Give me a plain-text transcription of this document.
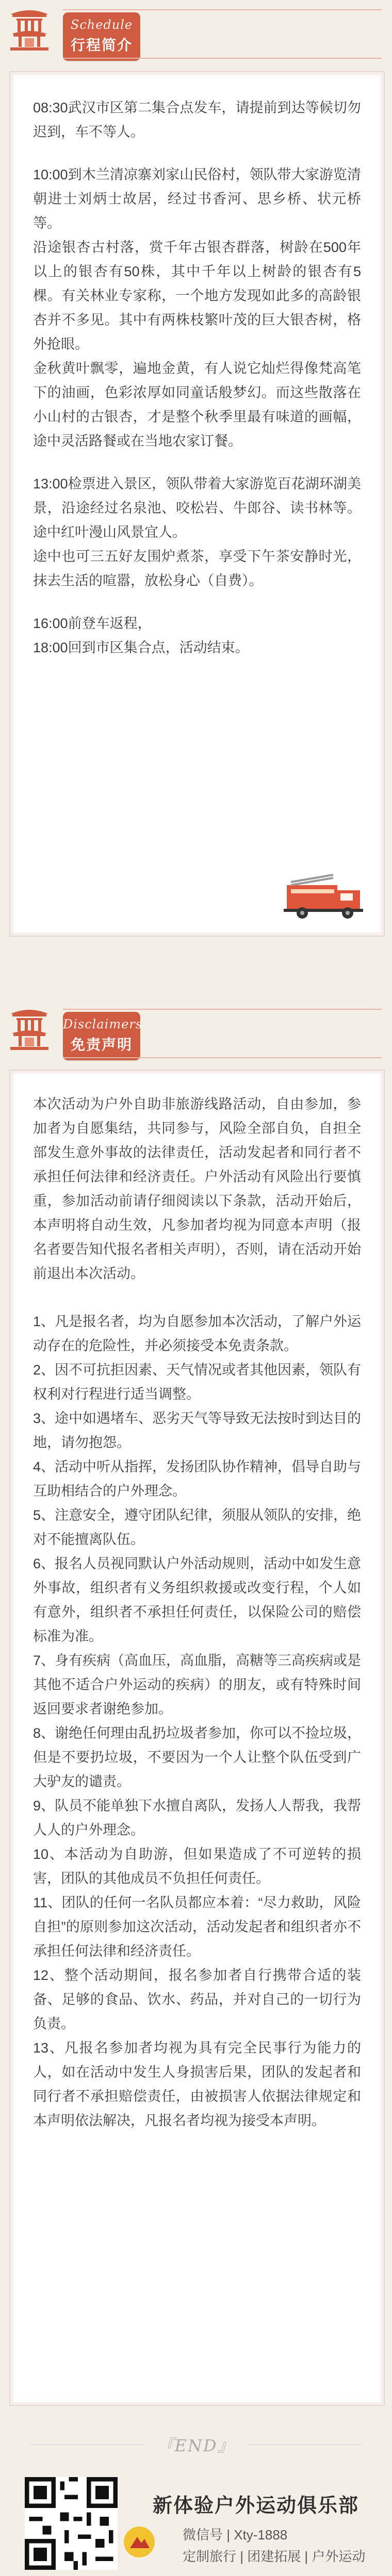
Schedule
行程简介
08:30武汉市区第二集合点发车，请提前到达等候切勿迟到，车不等人。
10:00到木兰清凉寨刘家山民俗村，领队带大家游览清朝进士刘炳士故居，经过书香河、思乡桥、状元桥等。
沿途银杏古村落，赏千年古银杏群落，树龄在500年以上的银杏有50株，其中千年以上树龄的银杏有5棵。有关林业专家称，一个地方发现如此多的高龄银杏并不多见。其中有两株枝繁叶茂的巨大银杏树，格外抢眼。
金秋黄叶飘零，遍地金黄，有人说它灿烂得像梵高笔下的油画，色彩浓厚如同童话般梦幻。而这些散落在小山村的古银杏，才是整个秋季里最有味道的画幅，途中灵活路餐或在当地农家订餐。
13:00检票进入景区，领队带着大家游览百花湖环湖美景，沿途经过名泉池、咬松岩、牛郎谷、读书林等。途中红叶漫山风景宜人。
途中也可三五好友围炉煮茶，享受下午茶安静时光，抹去生活的喧嚣，放松身心（自费）。
16:00前登车返程，
18:00回到市区集合点，活动结束。
Disclaimers
免责声明
本次活动为户外自助非旅游线路活动，自由参加，参加者为自愿集结，共同参与，风险全部自负，自担全部发生意外事故的法律责任，活动发起者和同行者不承担任何法律和经济责任。户外活动有风险出行要慎重，参加活动前请仔细阅读以下条款，活动开始后，本声明将自动生效，凡参加者均视为同意本声明（报名者要告知代报名者相关声明），否则，请在活动开始前退出本次活动。
1、凡是报名者，均为自愿参加本次活动，了解户外运动存在的危险性，并必须接受本免责条款。
2、因不可抗拒因素、天气情况或者其他因素，领队有权利对行程进行适当调整。
3、途中如遇堵车、恶劣天气等导致无法按时到达目的地，请勿抱怨。
4、活动中听从指挥，发扬团队协作精神，倡导自助与互助相结合的户外理念。
5、注意安全，遵守团队纪律，须服从领队的安排，绝对不能擅离队伍。
6、报名人员视同默认户外活动规则，活动中如发生意外事故，组织者有义务组织救援或改变行程，个人如有意外，组织者不承担任何责任，以保险公司的赔偿标准为准。
7、身有疾病（高血压，高血脂，高糖等三高疾病或是其他不适合户外运动的疾病）的朋友，或有特殊时间返回要求者谢绝参加。
8、谢绝任何理由乱扔垃圾者参加，你可以不捡垃圾，但是不要扔垃圾，不要因为一个人让整个队伍受到广大驴友的谴责。
9、队员不能单独下水擅自离队，发扬人人帮我，我帮人人的户外理念。
10、本活动为自助游，但如果造成了不可逆转的损害，团队的其他成员不负担任何责任。
11、团队的任何一名队员都应本着：“尽力救助，风险自担”的原则参加这次活动，活动发起者和组织者亦不承担任何法律和经济责任。
12、整个活动期间，报名参加者自行携带合适的装备、足够的食品、饮水、药品，并对自己的一切行为负责。
13、凡报名参加者均视为具有完全民事行为能力的人，如在活动中发生人身损害后果，团队的发起者和同行者不承担赔偿责任，由被损害人依据法律规定和本声明依法解决，凡报名者均视为接受本声明。
『END』
新体验户外运动俱乐部
微信号 | Xty-1888
定制旅行 | 团建拓展 | 户外运动
